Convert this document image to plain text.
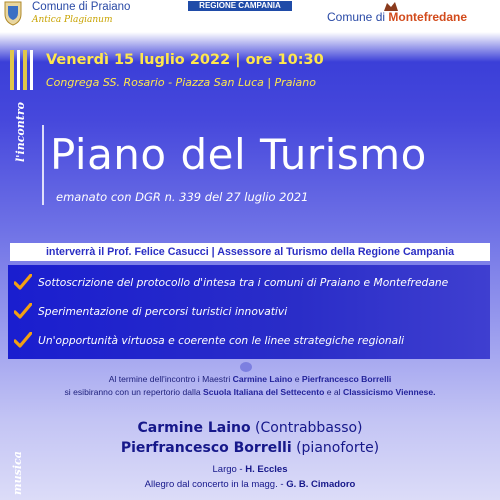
Comune di Praiano
Antica Plagianum
REGIONE CAMPANIA
Comune di Montefredane
Venerdì 15 luglio 2022 | ore 10:30
Congrega SS. Rosario - Piazza San Luca | Praiano
l'incontro Piano del Turismo
emanato con DGR n. 339 del 27 luglio 2021
interverrà il Prof. Felice Casucci | Assessore al Turismo della Regione Campania
Sottoscrizione del protocollo d'intesa tra i comuni di Praiano e Montefredane
Sperimentazione di percorsi turistici innovativi
Un'opportunità virtuosa e coerente con le linee strategiche regionali
Al termine dell'incontro i Maestri Carmine Laino e Pierfrancesco Borrelli
si esibiranno con un repertorio dalla Scuola Italiana del Settecento e al Classicismo Viennese.
Carmine Laino (Contrabbasso)
Pierfrancesco Borrelli (pianoforte)
Largo - H. Eccles
Allegro dal concerto in la magg. - G. B. Cimadoro
musica
